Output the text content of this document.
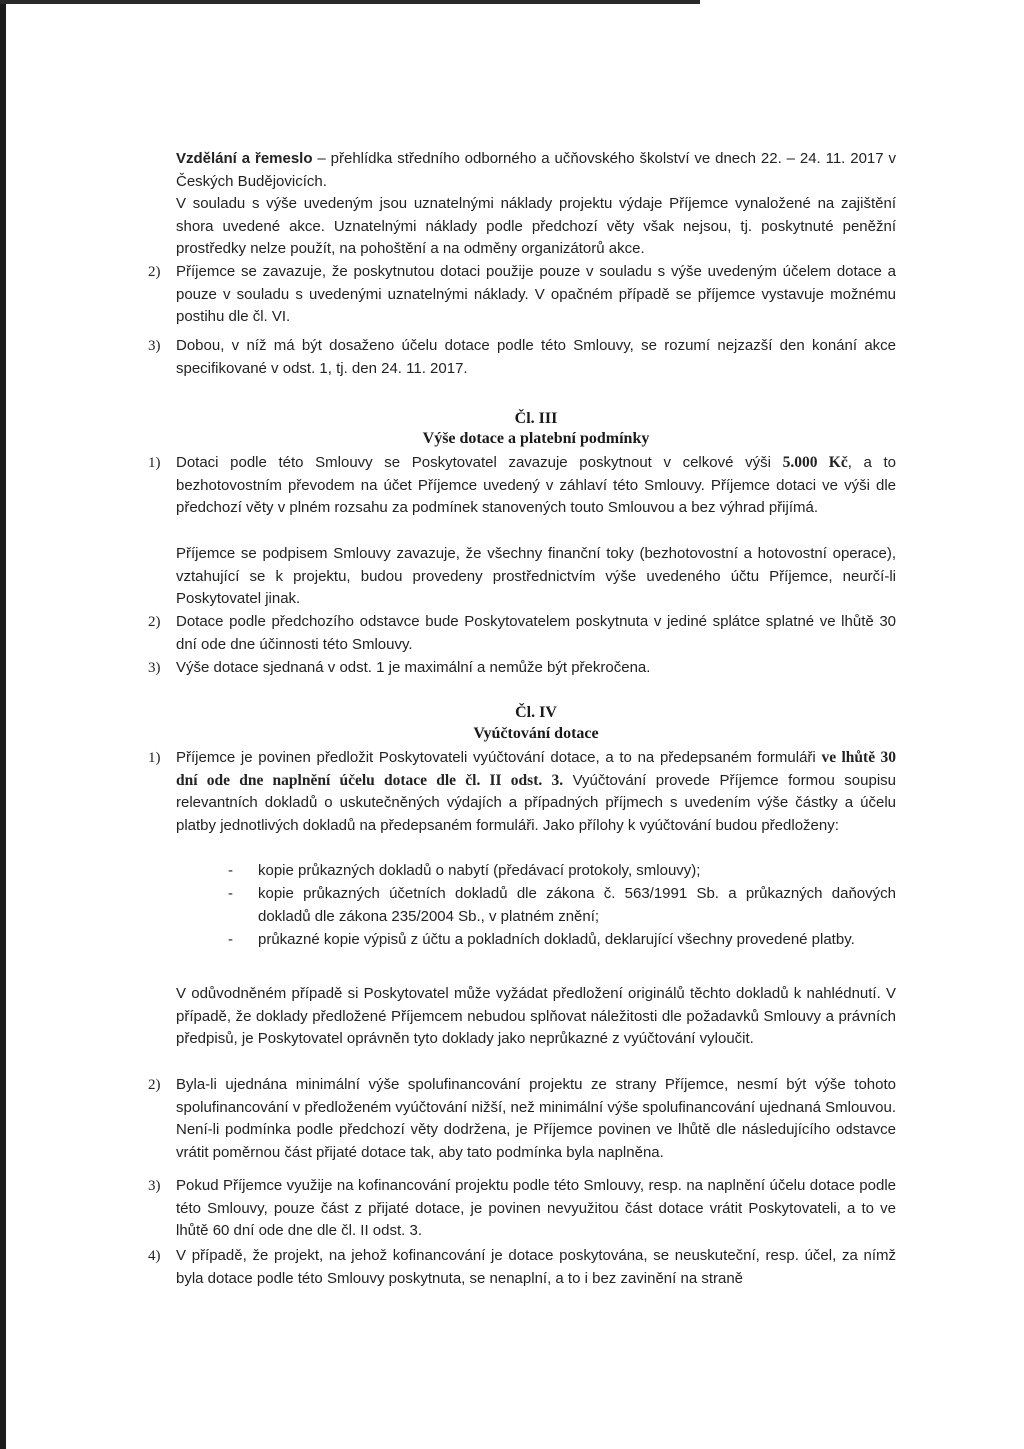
Vzdělání a řemeslo – přehlídka středního odborného a učňovského školství ve dnech 22. – 24. 11. 2017 v Českých Budějovicích.

V souladu s výše uvedeným jsou uznatelnými náklady projektu výdaje Příjemce vynaložené na zajištění shora uvedené akce. Uznatelnými náklady podle předchozí věty však nejsou, tj. poskytnuté peněžní prostředky nelze použít, na pohoštění a na odměny organizátorů akce.

2) Příjemce se zavazuje, že poskytnutou dotaci použije pouze v souladu s výše uvedeným účelem dotace a pouze v souladu s uvedenými uznatelnými náklady. V opačném případě se příjemce vystavuje možnému postihu dle čl. VI.

3) Dobou, v níž má být dosaženo účelu dotace podle této Smlouvy, se rozumí nejzazší den konání akce specifikované v odst. 1, tj. den 24. 11. 2017.

Čl. III

Výše dotace a platební podmínky

1) Dotaci podle této Smlouvy se Poskytovatel zavazuje poskytnout v celkové výši 5.000 Kč, a to bezhotovostním převodem na účet Příjemce uvedený v záhlaví této Smlouvy. Příjemce dotaci ve výši dle předchozí věty v plném rozsahu za podmínek stanovených touto Smlouvou a bez výhrad přijímá.

Příjemce se podpisem Smlouvy zavazuje, že všechny finanční toky (bezhotovostní a hotovostní operace), vztahující se k projektu, budou provedeny prostřednictvím výše uvedeného účtu Příjemce, neurčí-li Poskytovatel jinak.

2) Dotace podle předchozího odstavce bude Poskytovatelem poskytnuta v jediné splátce splatné ve lhůtě 30 dní ode dne účinnosti této Smlouvy.

3) Výše dotace sjednaná v odst. 1 je maximální a nemůže být překročena.

Čl. IV

Vyúčtování dotace

1) Příjemce je povinen předložit Poskytovateli vyúčtování dotace, a to na předepsaném formuláři ve lhůtě 30 dní ode dne naplnění účelu dotace dle čl. II odst. 3. Vyúčtování provede Příjemce formou soupisu relevantních dokladů o uskutečněných výdajích a případných příjmech s uvedením výše částky a účelu platby jednotlivých dokladů na předepsaném formuláři. Jako přílohy k vyúčtování budou předloženy:

- kopie průkazných dokladů o nabytí (předávací protokoly, smlouvy);

- kopie průkazných účetních dokladů dle zákona č. 563/1991 Sb. a průkazných daňových dokladů dle zákona 235/2004 Sb., v platném znění;

- průkazné kopie výpisů z účtu a pokladních dokladů, deklarující všechny provedené platby.

V odůvodněném případě si Poskytovatel může vyžádat předložení originálů těchto dokladů k nahlédnutí. V případě, že doklady předložené Příjemcem nebudou splňovat náležitosti dle požadavků Smlouvy a právních předpisů, je Poskytovatel oprávněn tyto doklady jako neprůkazné z vyúčtování vyloučit.

2) Byla-li ujednána minimální výše spolufinancování projektu ze strany Příjemce, nesmí být výše tohoto spolufinancování v předloženém vyúčtování nižší, než minimální výše spolufinancování ujednaná Smlouvou. Není-li podmínka podle předchozí věty dodržena, je Příjemce povinen ve lhůtě dle následujícího odstavce vrátit poměrnou část přijaté dotace tak, aby tato podmínka byla naplněna.

3) Pokud Příjemce využije na kofinancování projektu podle této Smlouvy, resp. na naplnění účelu dotace podle této Smlouvy, pouze část z přijaté dotace, je povinen nevyužitou část dotace vrátit Poskytovateli, a to ve lhůtě 60 dní ode dne dle čl. II odst. 3.

4) V případě, že projekt, na jehož kofinancování je dotace poskytována, se neuskuteční, resp. účel, za nímž byla dotace podle této Smlouvy poskytnuta, se nenaplní, a to i bez zavinění na straně
